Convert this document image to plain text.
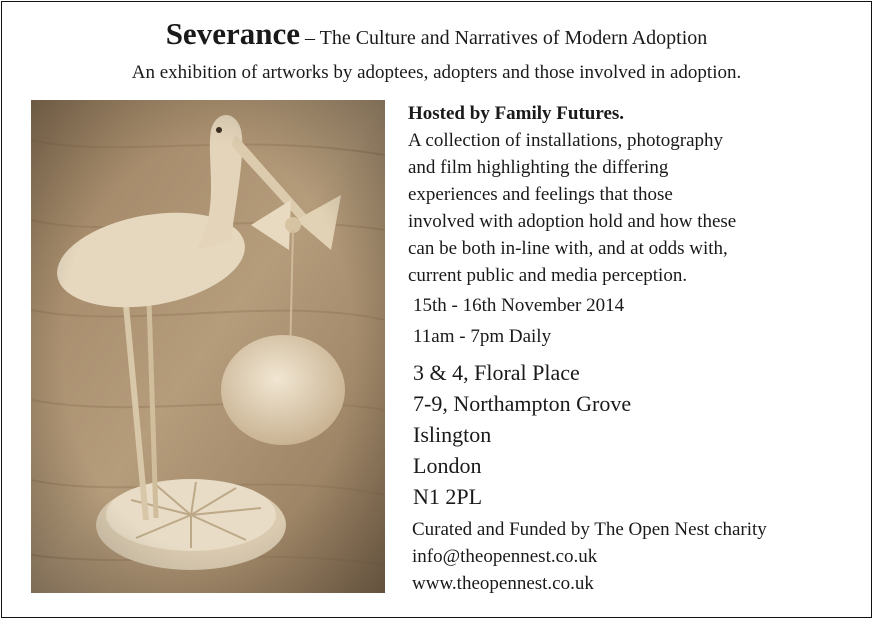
Severance – The Culture and Narratives of Modern Adoption
An exhibition of artworks by adoptees, adopters and those involved in adoption.
Hosted by Family Futures.
A collection of installations, photography
and film highlighting the differing
experiences and feelings that those
involved with adoption hold and how these
can be both in-line with, and at odds with,
current public and media perception.
15th - 16th November 2014
11am - 7pm Daily
3 & 4, Floral Place
7-9, Northampton Grove
Islington
London
N1 2PL
Curated and Funded by The Open Nest charity
info@theopennest.co.uk
www.theopennest.co.uk
